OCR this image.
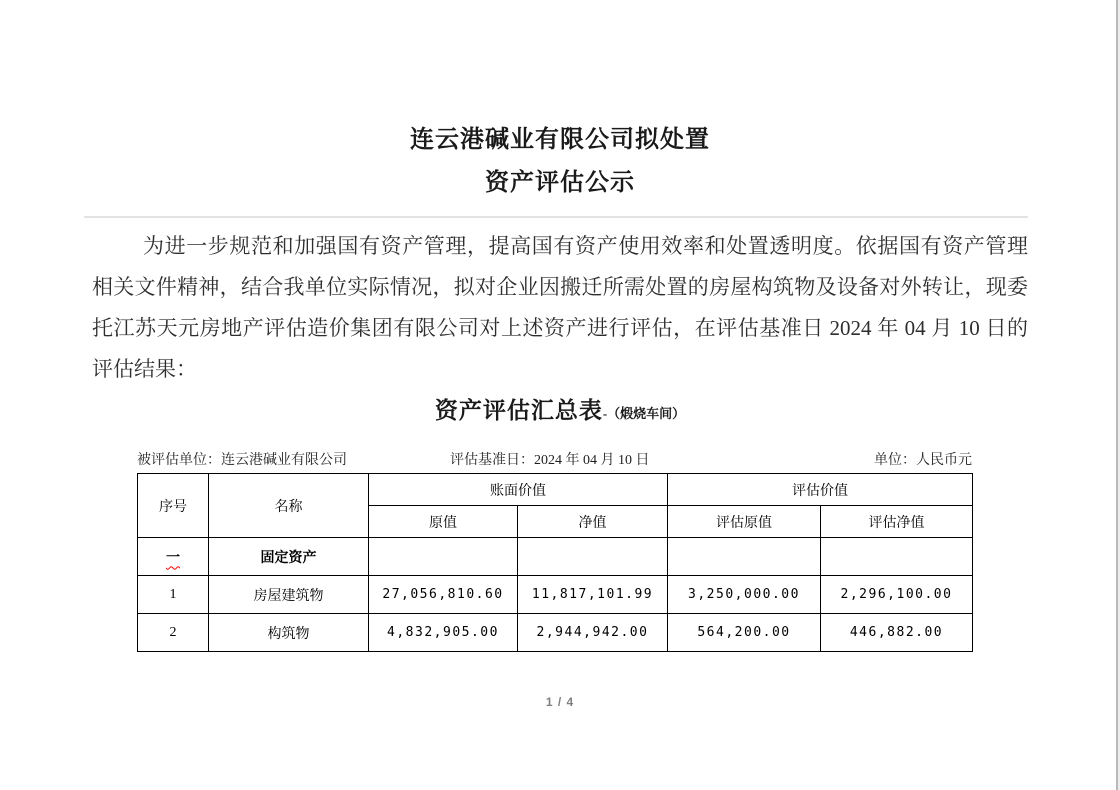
连云港碱业有限公司拟处置
资产评估公示
为进一步规范和加强国有资产管理，提高国有资产使用效率和处置透明度。依据国有资产管理
相关文件精神，结合我单位实际情况，拟对企业因搬迁所需处置的房屋构筑物及设备对外转让，现委
托江苏天元房地产评估造价集团有限公司对上述资产进行评估，在评估基准日 2024 年 04 月 10 日的
评估结果：
资产评估汇总表-（煅烧车间）
被评估单位：连云港碱业有限公司	评估基准日：2024 年 04 月 10 日	单位：人民币元
序号	名称	账面价值		评估价值	
		原值	净值	评估原值	评估净值
一	固定资产				
1	房屋建筑物	27,056,810.60	11,817,101.99	3,250,000.00	2,296,100.00
2	构筑物	4,832,905.00	2,944,942.00	564,200.00	446,882.00
1 / 4
